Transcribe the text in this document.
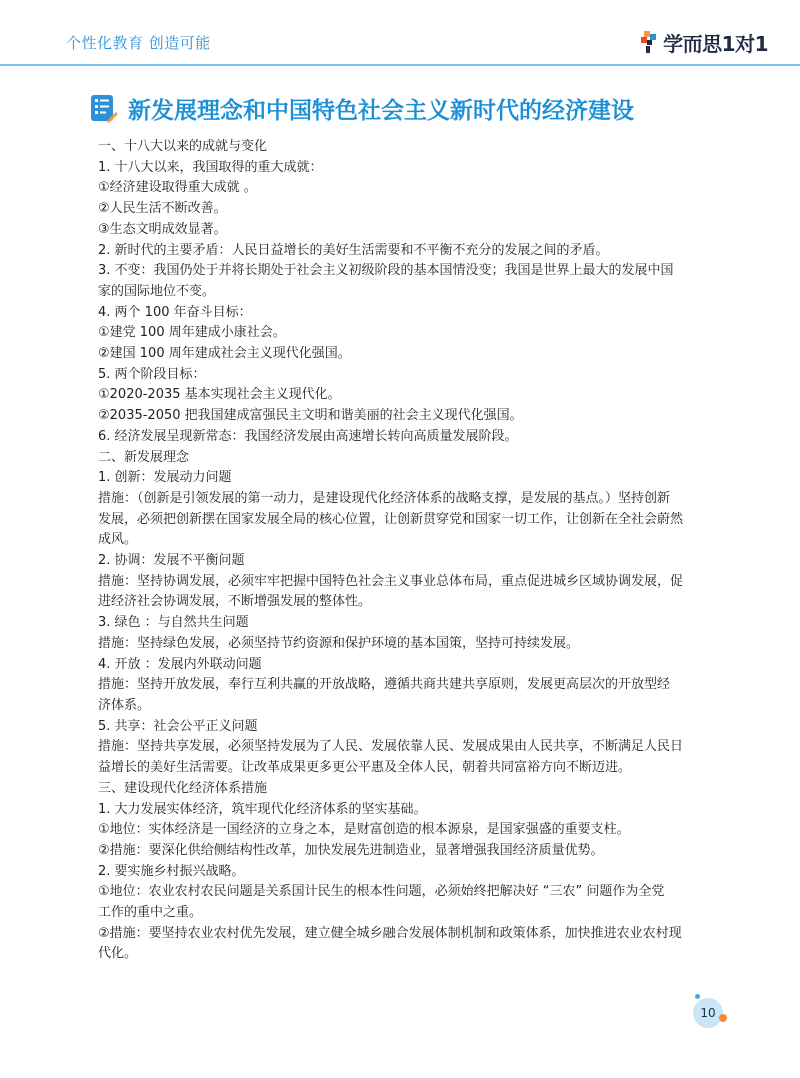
个性化教育 创造可能	学而思1对1
新发展理念和中国特色社会主义新时代的经济建设
一、十八大以来的成就与变化
1. 十八大以来，我国取得的重大成就：
①经济建设取得重大成就 。
②人民生活不断改善。
③生态文明成效显著。
2. 新时代的主要矛盾：人民日益增长的美好生活需要和不平衡不充分的发展之间的矛盾。
3. 不变：我国仍处于并将长期处于社会主义初级阶段的基本国情没变；我国是世界上最大的发展中国
家的国际地位不变。
4. 两个 100 年奋斗目标：
①建党 100 周年建成小康社会。
②建国 100 周年建成社会主义现代化强国。
5. 两个阶段目标：
①2020-2035 基本实现社会主义现代化。
②2035-2050 把我国建成富强民主文明和谐美丽的社会主义现代化强国。
6. 经济发展呈现新常态：我国经济发展由高速增长转向高质量发展阶段。
二、新发展理念
1. 创新：发展动力问题
措施：（创新是引领发展的第一动力，是建设现代化经济体系的战略支撑，是发展的基点。）坚持创新
发展，必须把创新摆在国家发展全局的核心位置，让创新贯穿党和国家一切工作，让创新在全社会蔚然
成风。
2. 协调：发展不平衡问题
措施：坚持协调发展，必须牢牢把握中国特色社会主义事业总体布局，重点促进城乡区域协调发展，促
进经济社会协调发展，不断增强发展的整体性。
3. 绿色 ：与自然共生问题
措施：坚持绿色发展，必须坚持节约资源和保护环境的基本国策，坚持可持续发展。
4. 开放 ：发展内外联动问题
措施：坚持开放发展，奉行互利共赢的开放战略，遵循共商共建共享原则，发展更高层次的开放型经
济体系。
5. 共享：社会公平正义问题
措施：坚持共享发展，必须坚持发展为了人民、发展依靠人民、发展成果由人民共享，不断满足人民日
益增长的美好生活需要。让改革成果更多更公平惠及全体人民，朝着共同富裕方向不断迈进。
三、建设现代化经济体系措施
1. 大力发展实体经济，筑牢现代化经济体系的坚实基础。
①地位：实体经济是一国经济的立身之本，是财富创造的根本源泉，是国家强盛的重要支柱。
②措施：要深化供给侧结构性改革，加快发展先进制造业，显著增强我国经济质量优势。
2. 要实施乡村振兴战略。
①地位：农业农村农民问题是关系国计民生的根本性问题，必须始终把解决好 “三农” 问题作为全党
工作的重中之重。
②措施：要坚持农业农村优先发展，建立健全城乡融合发展体制机制和政策体系，加快推进农业农村现
代化。
10
